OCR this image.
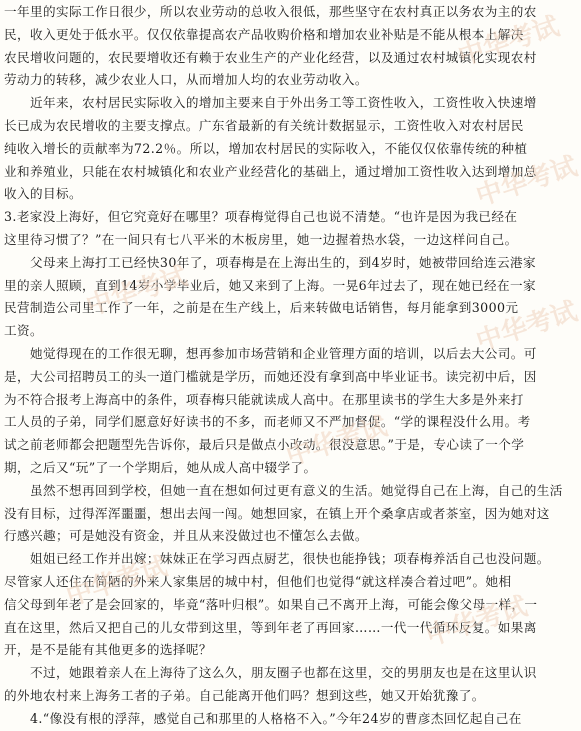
中华考试
中华考试
中华考试
中华考试
中华考试
中华考试
中华考试
一年里的实际工作日很少，所以农业劳动的总收入很低，那些坚守在农村真正以务农为主的农
民，收入更处于低水平。仅仅依靠提高农产品收购价格和增加农业补贴是不能从根本上解决
农民增收问题的，农民要增收还有赖于农业生产的产业化经营，以及通过农村城镇化实现农村
劳动力的转移，减少农业人口，从而增加人均的农业劳动收入。
　　近年来，农村居民实际收入的增加主要来自于外出务工等工资性收入，工资性收入快速增
长已成为农民增收的主要支撑点。广东省最新的有关统计数据显示，工资性收入对农村居民
纯收入增长的贡献率为72.2％。所以，增加农村居民的实际收入，不能仅仅依靠传统的种植
业和养殖业，只能在农村城镇化和农业产业经营化的基础上，通过增加工资性收入达到增加总
收入的目标。
3.老家没上海好，但它究竟好在哪里？项春梅觉得自己也说不清楚。“也许是因为我已经在
这里待习惯了？”在一间只有七八平米的木板房里，她一边握着热水袋，一边这样问自己。
　　父母来上海打工已经快30年了，项春梅是在上海出生的，到4岁时，她被带回给连云港家
里的亲人照顾，直到14岁小学毕业后，她又来到了上海。一晃6年过去了，现在她已经在一家
民营制造公司里工作了一年，之前是在生产线上，后来转做电话销售，每月能拿到3000元
工资。
　　她觉得现在的工作很无聊，想再参加市场营销和企业管理方面的培训，以后去大公司。可
是，大公司招聘员工的头一道门槛就是学历，而她还没有拿到高中毕业证书。读完初中后，因
为不符合报考上海高中的条件，项春梅只能就读成人高中。在那里读书的学生大多是外来打
工人员的子弟，同学们愿意好好读书的不多，而老师又不严加督促。“学的课程没什么用。考
试之前老师都会把题型先告诉你，最后只是做点小改动。很没意思。”于是，专心读了一个学
期，之后又“玩”了一个学期后，她从成人高中辍学了。
　　虽然不想再回到学校，但她一直在想如何过更有意义的生活。她觉得自己在上海，自己的生活
没有目标，过得浑浑噩噩，想出去闯一闯。她想回家，在镇上开个桑拿店或者茶室，因为她对这
行感兴趣；可是她没有资金，并且从来没做过也不懂怎么去做。
　　姐姐已经工作并出嫁；妹妹正在学习西点厨艺，很快也能挣钱；项春梅养活自己也没问题。
尽管家人还住在简陋的外来人家集居的城中村，但他们也觉得“就这样凑合着过吧”。她相
信父母到年老了是会回家的，毕竟“落叶归根”。如果自己不离开上海，可能会像父母一样，一
直在这里，然后又把自己的儿女带到这里，等到年老了再回家……一代一代循环反复。如果离
开，是不是能有其他更多的选择呢？
　　不过，她跟着亲人在上海待了这么久，朋友圈子也都在这里，交的男朋友也是在这里认识
的外地农村来上海务工者的子弟。自己能离开他们吗？想到这些，她又开始犹豫了。
　　4.“像没有根的浮萍，感觉自己和那里的人格格不入。”今年24岁的曹彦杰回忆起自己在
